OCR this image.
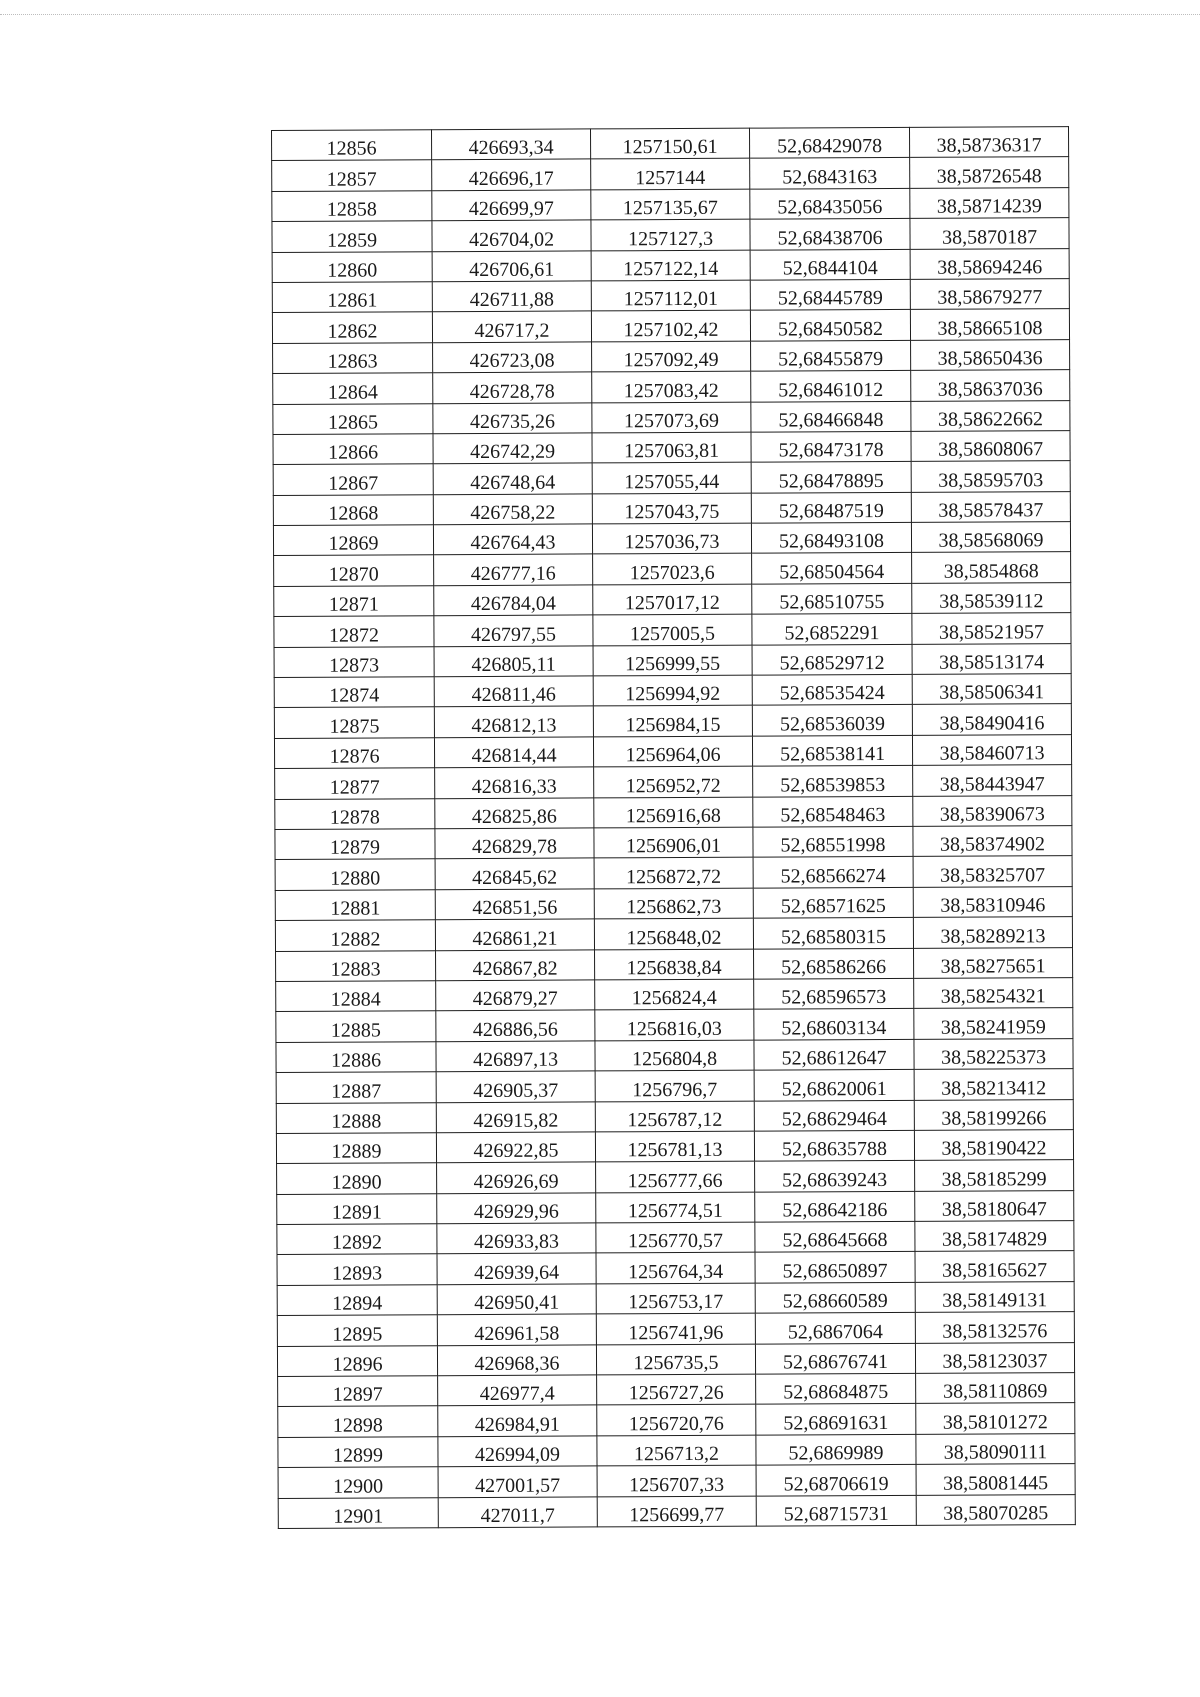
12856	426693,34	1257150,61	52,68429078	38,58736317
12857	426696,17	1257144	52,6843163	38,58726548
12858	426699,97	1257135,67	52,68435056	38,58714239
12859	426704,02	1257127,3	52,68438706	38,5870187
12860	426706,61	1257122,14	52,6844104	38,58694246
12861	426711,88	1257112,01	52,68445789	38,58679277
12862	426717,2	1257102,42	52,68450582	38,58665108
12863	426723,08	1257092,49	52,68455879	38,58650436
12864	426728,78	1257083,42	52,68461012	38,58637036
12865	426735,26	1257073,69	52,68466848	38,58622662
12866	426742,29	1257063,81	52,68473178	38,58608067
12867	426748,64	1257055,44	52,68478895	38,58595703
12868	426758,22	1257043,75	52,68487519	38,58578437
12869	426764,43	1257036,73	52,68493108	38,58568069
12870	426777,16	1257023,6	52,68504564	38,5854868
12871	426784,04	1257017,12	52,68510755	38,58539112
12872	426797,55	1257005,5	52,6852291	38,58521957
12873	426805,11	1256999,55	52,68529712	38,58513174
12874	426811,46	1256994,92	52,68535424	38,58506341
12875	426812,13	1256984,15	52,68536039	38,58490416
12876	426814,44	1256964,06	52,68538141	38,58460713
12877	426816,33	1256952,72	52,68539853	38,58443947
12878	426825,86	1256916,68	52,68548463	38,58390673
12879	426829,78	1256906,01	52,68551998	38,58374902
12880	426845,62	1256872,72	52,68566274	38,58325707
12881	426851,56	1256862,73	52,68571625	38,58310946
12882	426861,21	1256848,02	52,68580315	38,58289213
12883	426867,82	1256838,84	52,68586266	38,58275651
12884	426879,27	1256824,4	52,68596573	38,58254321
12885	426886,56	1256816,03	52,68603134	38,58241959
12886	426897,13	1256804,8	52,68612647	38,58225373
12887	426905,37	1256796,7	52,68620061	38,58213412
12888	426915,82	1256787,12	52,68629464	38,58199266
12889	426922,85	1256781,13	52,68635788	38,58190422
12890	426926,69	1256777,66	52,68639243	38,58185299
12891	426929,96	1256774,51	52,68642186	38,58180647
12892	426933,83	1256770,57	52,68645668	38,58174829
12893	426939,64	1256764,34	52,68650897	38,58165627
12894	426950,41	1256753,17	52,68660589	38,58149131
12895	426961,58	1256741,96	52,6867064	38,58132576
12896	426968,36	1256735,5	52,68676741	38,58123037
12897	426977,4	1256727,26	52,68684875	38,58110869
12898	426984,91	1256720,76	52,68691631	38,58101272
12899	426994,09	1256713,2	52,6869989	38,58090111
12900	427001,57	1256707,33	52,68706619	38,58081445
12901	427011,7	1256699,77	52,68715731	38,58070285
